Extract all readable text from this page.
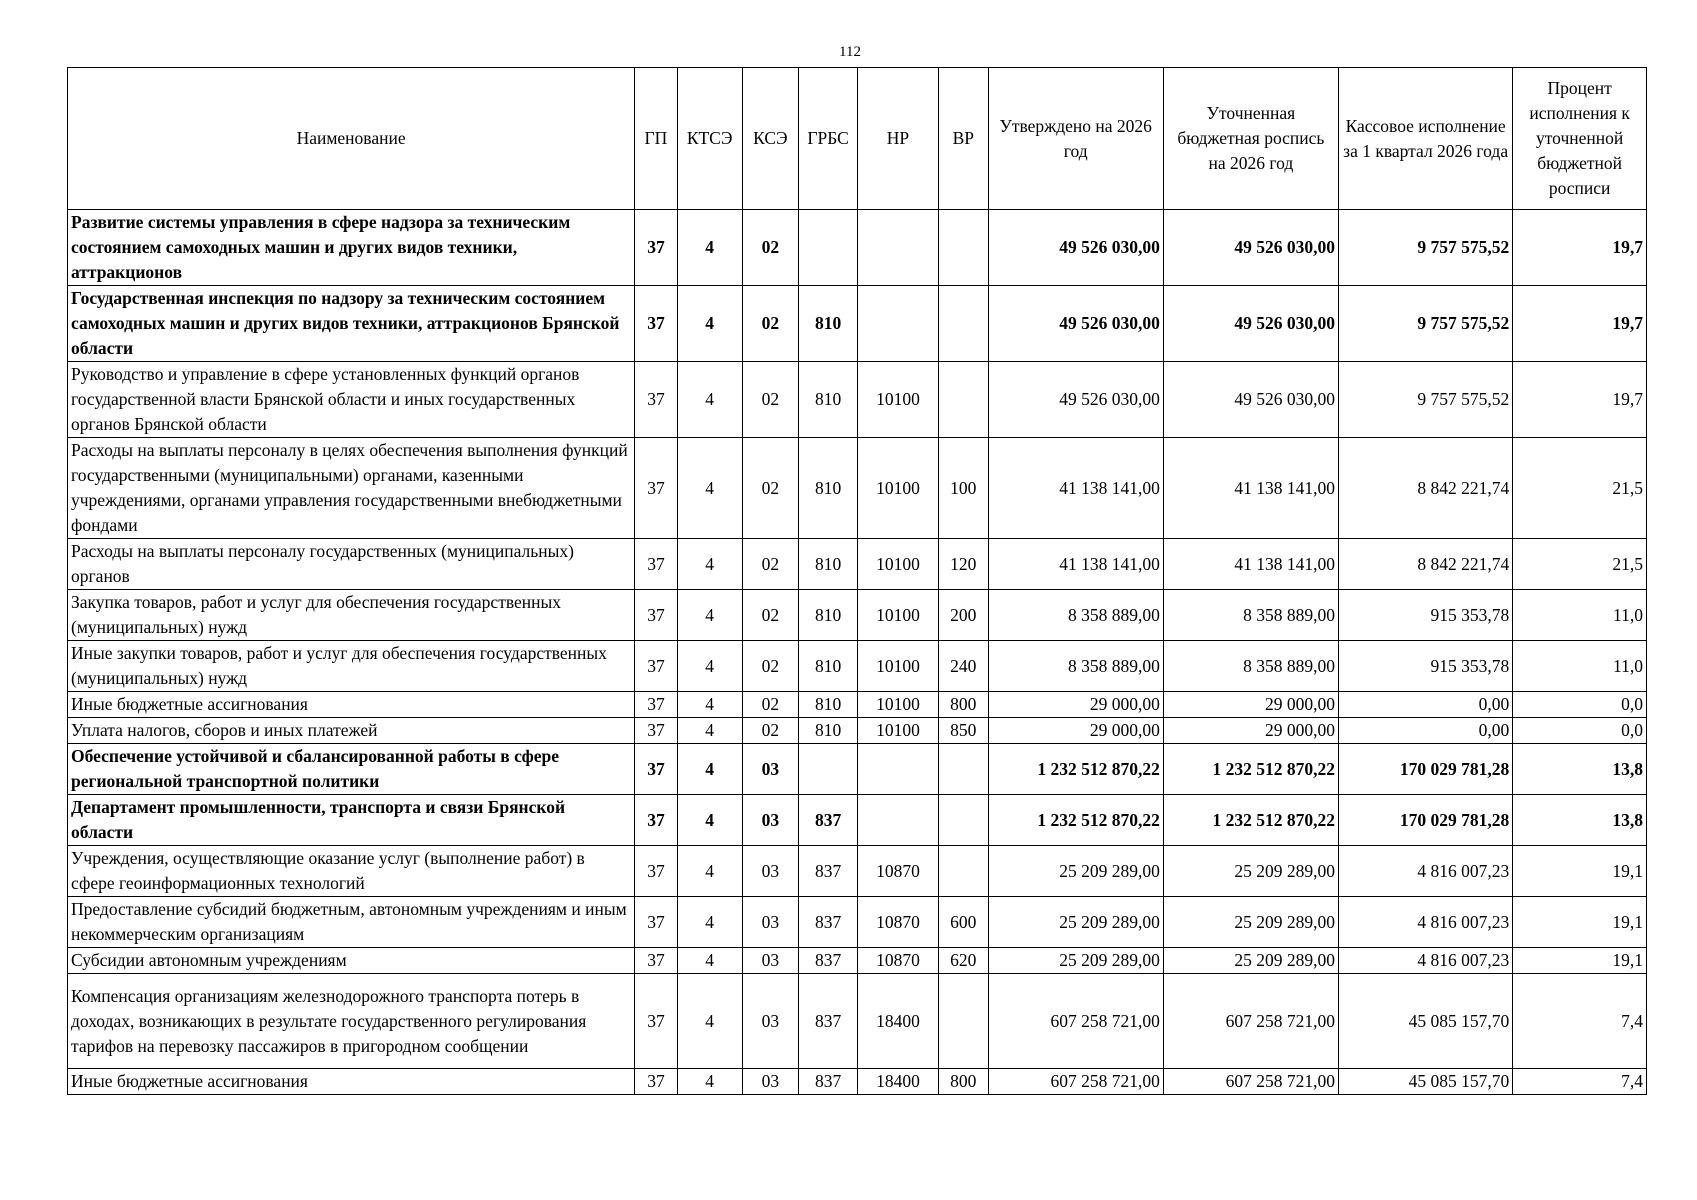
112
Наименование	ГП	КТСЭ	КСЭ	ГРБС	НР	ВР	Утверждено на 2026 год	Уточненная бюджетная роспись на 2026 год	Кассовое исполнение за 1 квартал 2026 года	Процент исполнения к уточненной бюджетной росписи
Развитие системы управления в сфере надзора за техническим состоянием самоходных машин и других видов техники, аттракционов	37	4	02				49 526 030,00	49 526 030,00	9 757 575,52	19,7
Государственная инспекция по надзору за техническим состоянием самоходных машин и других видов техники, аттракционов Брянской области	37	4	02	810			49 526 030,00	49 526 030,00	9 757 575,52	19,7
Руководство и управление в сфере установленных функций органов государственной власти Брянской области и иных государственных органов Брянской области	37	4	02	810	10100		49 526 030,00	49 526 030,00	9 757 575,52	19,7
Расходы на выплаты персоналу в целях обеспечения выполнения функций государственными (муниципальными) органами, казенными учреждениями, органами управления государственными внебюджетными фондами	37	4	02	810	10100	100	41 138 141,00	41 138 141,00	8 842 221,74	21,5
Расходы на выплаты персоналу государственных (муниципальных) органов	37	4	02	810	10100	120	41 138 141,00	41 138 141,00	8 842 221,74	21,5
Закупка товаров, работ и услуг для обеспечения государственных (муниципальных) нужд	37	4	02	810	10100	200	8 358 889,00	8 358 889,00	915 353,78	11,0
Иные закупки товаров, работ и услуг для обеспечения государственных (муниципальных) нужд	37	4	02	810	10100	240	8 358 889,00	8 358 889,00	915 353,78	11,0
Иные бюджетные ассигнования	37	4	02	810	10100	800	29 000,00	29 000,00	0,00	0,0
Уплата налогов, сборов и иных платежей	37	4	02	810	10100	850	29 000,00	29 000,00	0,00	0,0
Обеспечение устойчивой и сбалансированной работы в сфере региональной транспортной политики	37	4	03				1 232 512 870,22	1 232 512 870,22	170 029 781,28	13,8
Департамент промышленности, транспорта и связи Брянской области	37	4	03	837			1 232 512 870,22	1 232 512 870,22	170 029 781,28	13,8
Учреждения, осуществляющие оказание услуг (выполнение работ) в сфере геоинформационных технологий	37	4	03	837	10870		25 209 289,00	25 209 289,00	4 816 007,23	19,1
Предоставление субсидий бюджетным, автономным учреждениям и иным некоммерческим организациям	37	4	03	837	10870	600	25 209 289,00	25 209 289,00	4 816 007,23	19,1
Субсидии автономным учреждениям	37	4	03	837	10870	620	25 209 289,00	25 209 289,00	4 816 007,23	19,1
Компенсация организациям железнодорожного транспорта потерь в доходах, возникающих в результате государственного регулирования тарифов на перевозку пассажиров в пригородном сообщении	37	4	03	837	18400		607 258 721,00	607 258 721,00	45 085 157,70	7,4
Иные бюджетные ассигнования	37	4	03	837	18400	800	607 258 721,00	607 258 721,00	45 085 157,70	7,4
